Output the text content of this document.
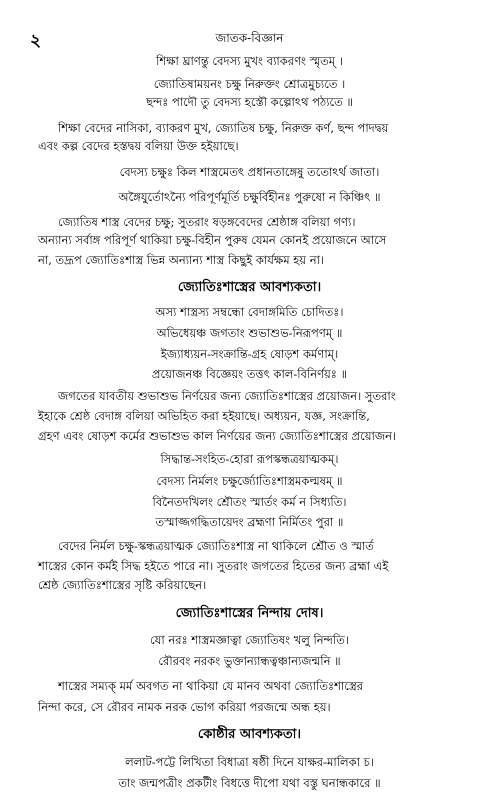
২	জাতক-বিজ্ঞান
শিক্ষা ঘ্রাণন্তু বেদস্য মুখং ব্যাকরণং স্মৃতম্ ।
জ্যোতিষাময়নং চক্ষু নিরুক্তং শ্রোত্রমুচ্যতে ।
ছন্দঃ পাদৌ তু বেদস্য হস্তৌ কল্পোঽথ পঠ্যতে ॥
শিক্ষা বেদের নাসিকা, ব্যাকরণ মুখ, জ্যোতিষ চক্ষু, নিরুক্ত কর্ণ, ছন্দ পাদদ্বয়
এবং কল্প বেদের হস্তদ্বয় বলিয়া উক্ত হইয়াছে।
বেদস্য চক্ষুঃ কিল শাস্ত্রমেতৎ প্রধানতাঙ্গেষু ততোঽর্থ জাতা।
অঙ্গৈযুর্তোঽন্যৈ পরিপূর্ণমূর্তি চক্ষুর্বিহীনঃ পুরুষো ন কিঞ্চিৎ ॥
জ্যোতিষ শাস্ত্র বেদের চক্ষু; সুতরাং ষড়ঙ্গবেদের শ্রেষ্ঠাঙ্গ বলিয়া গণ্য।
অন্যান্য সর্বাঙ্গ পরিপূর্ণ থাকিয়া চক্ষু-বিহীন পুরুষ যেমন কোনই প্রয়োজনে আসে
না, তদ্রূপ জ্যোতিঃশাস্ত্র ভিন্ন অন্যান্য শাস্ত্র কিছুই কার্যক্ষম হয় না।
জ্যোতিঃশাস্ত্রের আবশ্যকতা।
অস্য শাস্ত্রস্য সম্বন্ধো বেদাঙ্গমিতি চোদিতঃ।
অভিধেয়ঞ্চ জগতাং শুভাশুভ-নিরূপণম্ ॥
ইজ্যাধ্যয়ন-সংক্রান্তি-গ্রহ ষোড়শ কর্মণাম্।
প্রয়োজনঞ্চ বিজ্ঞেয়ং তত্তৎ কাল-বিনির্ণয়ঃ ॥
জগতের যাবতীয় শুভাশুভ নির্ণয়ের জন্য জ্যোতিঃশাস্ত্রের প্রয়োজন। সুতরাং
ইহাকে শ্রেষ্ঠ বেদাঙ্গ বলিয়া অভিহিত করা হইয়াছে। অধ্যয়ন, যজ্ঞ, সংক্রান্তি,
গ্রহণ এবং ষোড়শ কর্মের শুভাশুভ কাল নির্ণয়ের জন্য জ্যোতিঃশাস্ত্রের প্রয়োজন।
সিদ্ধান্ত-সংহিত-হোরা রূপস্কন্ধত্রয়াত্মকম্।
বেদস্য নির্মলং চক্ষুর্জ্যোতিঃশাস্ত্রমকল্মষম্ ॥
বিনৈতদখিলং শ্রৌতং স্মার্তং কর্ম ন সিধ্যতি।
তস্মাজ্জগদ্ধিতায়েদং ব্রহ্মণা নির্মিতং পুরা ॥
বেদের নির্মল চক্ষু-স্কন্ধত্রয়াত্মক জ্যোতিঃশাস্ত্র না থাকিলে শ্রৌত ও স্মার্ত
শাস্ত্রের কোন কর্মই সিদ্ধ হইতে পারে না। সুতরাং জগতের হিতের জন্য ব্রহ্মা এই
শ্রেষ্ঠ জ্যোতিঃশাস্ত্রের সৃষ্টি করিয়াছেন।
জ্যোতিঃশাস্ত্রের নিন্দায় দোষ।
যো নরঃ শাস্ত্রমজ্ঞাত্বা জ্যোতিষং খলু নিন্দতি।
রৌরবং নরকং ভুক্তান্যান্ধত্বঞ্চান্যজন্মনি ॥
শাস্ত্রের সম্যক্ মর্ম অবগত না থাকিয়া যে মানব অথবা জ্যোতিঃশাস্ত্রের
নিন্দা করে, সে রৌরব নামক নরক ভোগ করিয়া পরজন্মে অন্ধ হয়।
কোষ্ঠীর আবশ্যকতা।
ললাট-পট্টে লিখিতা বিধাত্রা ষষ্ঠী দিনে যাক্ষর-মালিকা চ।
তাং জন্মপত্রীং প্রকটীং বিধত্তে দীপো যথা বস্তু ঘনান্ধকারে ॥
